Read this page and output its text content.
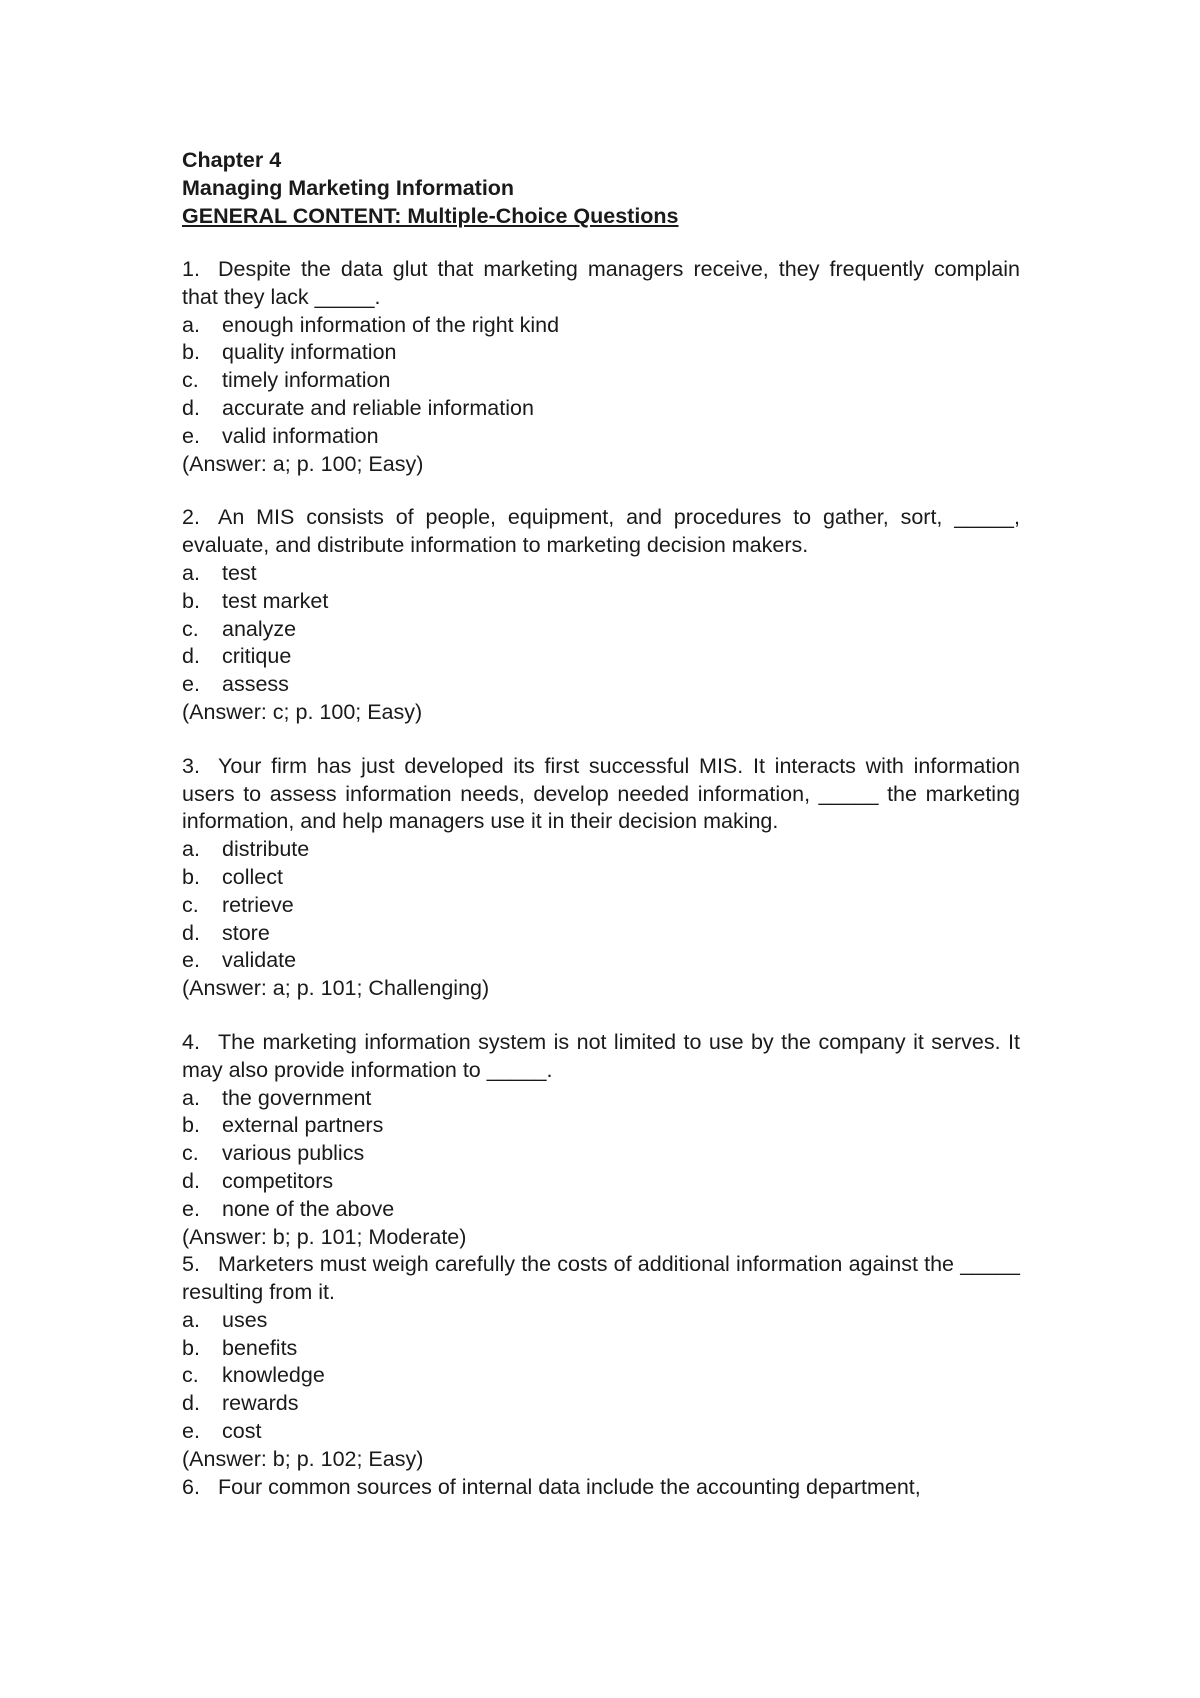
Chapter 4
Managing Marketing Information
GENERAL CONTENT: Multiple-Choice Questions
1. Despite the data glut that marketing managers receive, they frequently complain that they lack _____.
a. enough information of the right kind
b. quality information
c. timely information
d. accurate and reliable information
e. valid information
(Answer: a; p. 100; Easy)
2. An MIS consists of people, equipment, and procedures to gather, sort, _____, evaluate, and distribute information to marketing decision makers.
a. test
b. test market
c. analyze
d. critique
e. assess
(Answer: c; p. 100; Easy)
3. Your firm has just developed its first successful MIS. It interacts with information users to assess information needs, develop needed information, _____ the marketing information, and help managers use it in their decision making.
a. distribute
b. collect
c. retrieve
d. store
e. validate
(Answer: a; p. 101; Challenging)
4. The marketing information system is not limited to use by the company it serves. It may also provide information to _____.
a. the government
b. external partners
c. various publics
d. competitors
e. none of the above
(Answer: b; p. 101; Moderate)
5. Marketers must weigh carefully the costs of additional information against the _____ resulting from it.
a. uses
b. benefits
c. knowledge
d. rewards
e. cost
(Answer: b; p. 102; Easy)
6. Four common sources of internal data include the accounting department,
